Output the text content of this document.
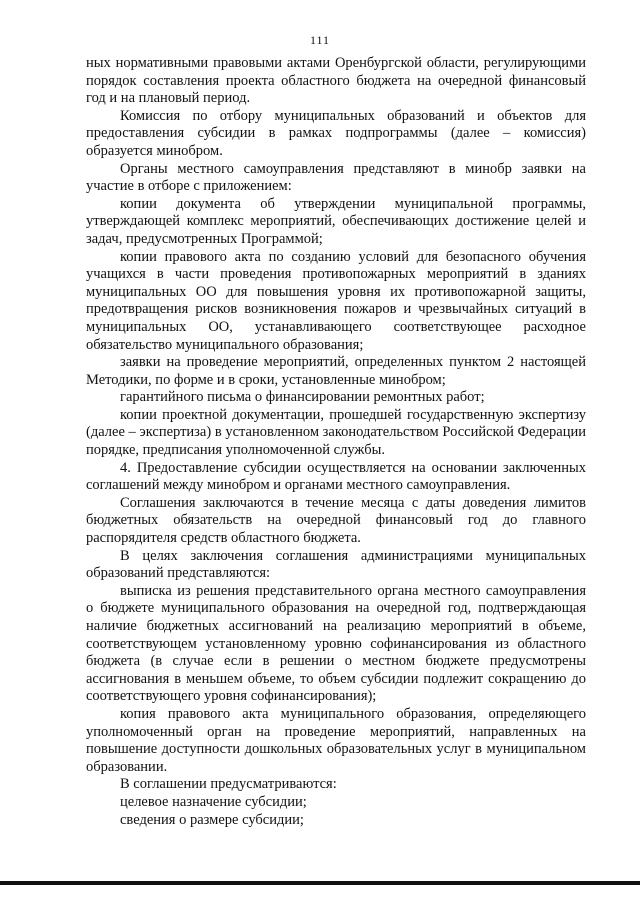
111

ных нормативными правовыми актами Оренбургской области, регулирующими порядок составления проекта областного бюджета на очередной финансовый год и на плановый период.

Комиссия по отбору муниципальных образований и объектов для предоставления субсидии в рамках подпрограммы (далее – комиссия) образуется минобром.

Органы местного самоуправления представляют в минобр заявки на участие в отборе с приложением:

копии документа об утверждении муниципальной программы, утверждающей комплекс мероприятий, обеспечивающих достижение целей и задач, предусмотренных Программой;

копии правового акта по созданию условий для безопасного обучения учащихся в части проведения противопожарных мероприятий в зданиях муниципальных ОО для повышения уровня их противопожарной защиты, предотвращения рисков возникновения пожаров и чрезвычайных ситуаций в муниципальных ОО, устанавливающего соответствующее расходное обязательство муниципального образования;

заявки на проведение мероприятий, определенных пунктом 2 настоящей Методики, по форме и в сроки, установленные минобром;

гарантийного письма о финансировании ремонтных работ;

копии проектной документации, прошедшей государственную экспертизу (далее – экспертиза) в установленном законодательством Российской Федерации порядке, предписания уполномоченной службы.

4. Предоставление субсидии осуществляется на основании заключенных соглашений между минобром и органами местного самоуправления.

Соглашения заключаются в течение месяца с даты доведения лимитов бюджетных обязательств на очередной финансовый год до главного распорядителя средств областного бюджета.

В целях заключения соглашения администрациями муниципальных образований представляются:

выписка из решения представительного органа местного самоуправления о бюджете муниципального образования на очередной год, подтверждающая наличие бюджетных ассигнований на реализацию мероприятий в объеме, соответствующем установленному уровню софинансирования из областного бюджета (в случае если в решении о местном бюджете предусмотрены ассигнования в меньшем объеме, то объем субсидии подлежит сокращению до соответствующего уровня софинансирования);

копия правового акта муниципального образования, определяющего уполномоченный орган на проведение мероприятий, направленных на повышение доступности дошкольных образовательных услуг в муниципальном образовании.

В соглашении предусматриваются:

целевое назначение субсидии;

сведения о размере субсидии;
